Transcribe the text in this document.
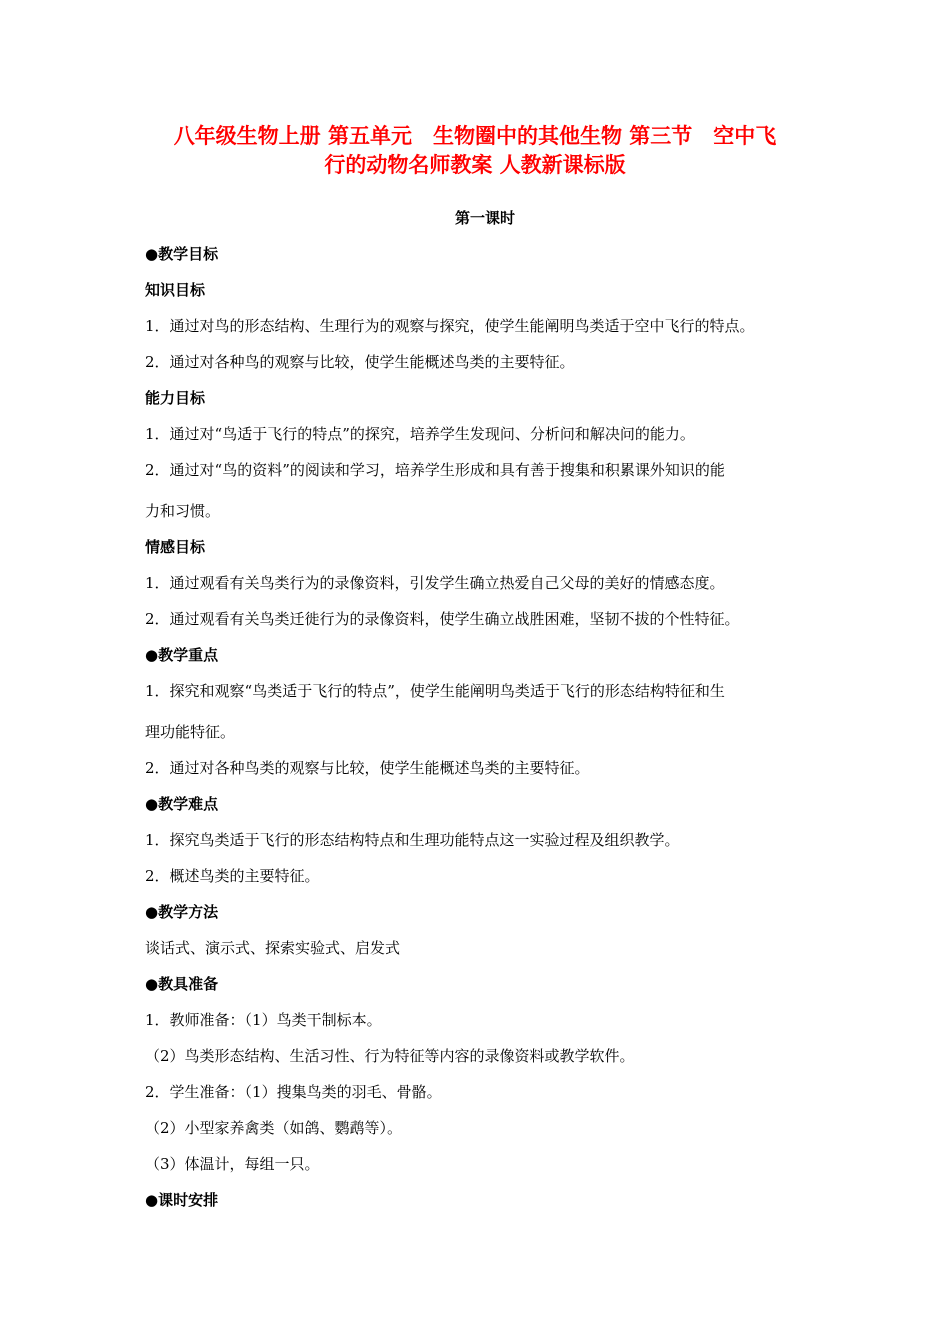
八年级生物上册 第五单元　生物圈中的其他生物 第三节　空中飞
行的动物名师教案 人教新课标版
第一课时
●教学目标
知识目标
1．通过对鸟的形态结构、生理行为的观察与探究，使学生能阐明鸟类适于空中飞行的特点。
2．通过对各种鸟的观察与比较，使学生能概述鸟类的主要特征。
能力目标
1．通过对“鸟适于飞行的特点”的探究，培养学生发现问、分析问和解决问的能力。
2．通过对“鸟的资料”的阅读和学习，培养学生形成和具有善于搜集和积累课外知识的能
力和习惯。
情感目标
1．通过观看有关鸟类行为的录像资料，引发学生确立热爱自己父母的美好的情感态度。
2．通过观看有关鸟类迁徙行为的录像资料，使学生确立战胜困难，坚韧不拔的个性特征。
●教学重点
1．探究和观察“鸟类适于飞行的特点”，使学生能阐明鸟类适于飞行的形态结构特征和生
理功能特征。
2．通过对各种鸟类的观察与比较，使学生能概述鸟类的主要特征。
●教学难点
1．探究鸟类适于飞行的形态结构特点和生理功能特点这一实验过程及组织教学。
2．概述鸟类的主要特征。
●教学方法
谈话式、演示式、探索实验式、启发式
●教具准备
1．教师准备：（1）鸟类干制标本。
（2）鸟类形态结构、生活习性、行为特征等内容的录像资料或教学软件。
2．学生准备：（1）搜集鸟类的羽毛、骨骼。
（2）小型家养禽类（如鸽、鹦鹉等）。
（3）体温计，每组一只。
●课时安排
